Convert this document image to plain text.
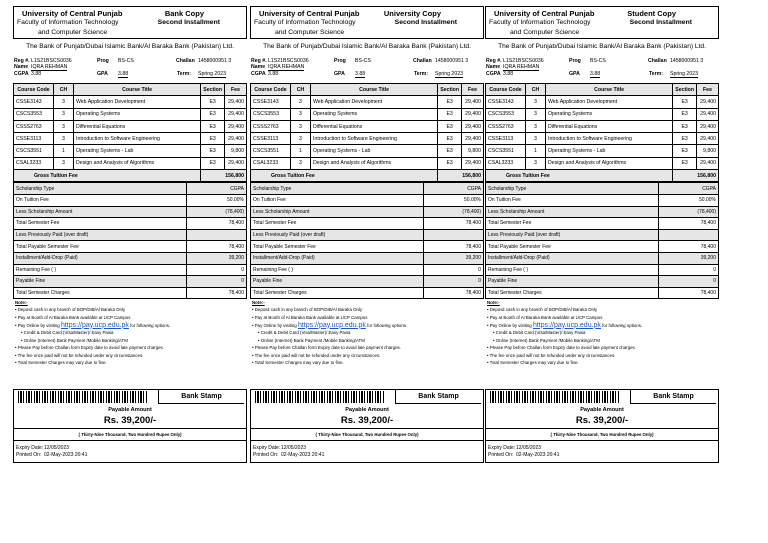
University of Central Punjab	Bank Copy
Faculty of Information Technology
and Computer Science
Second Installment
The Bank of Punjab/Dubai Islamic Bank/Al Baraka Bank (Pakistan) Ltd.
Reg #. L1S21BSCS0036
Name IQRA REHMAN
CGPA 3.88
Prog BS-CS	Challan 1458000951 3
GPA 3.88	Term: Spring 2023
Course Code	CH	Course Title	Section	Fee
CSSE3143	3	Web Application Development	E3	29,400
CSCS3553	3	Operating Systems	E3	29,400
CSSS2763	3	Differential Equations	E3	29,400
CSSE3113	3	Introduction to Software Engineering	E3	29,400
CSCS3551	1	Operating Systems - Lab	E3	9,800
CSAL3233	3	Design and Analysis of Algorithms	E3	29,400
Gross Tuition Fee			156,800	
Scholarship Type	CGPA
On Tuition Fee	50.00%
Less Scholarship Amount	(78,400)
Total Semester Fee	78,400
Less Previously Paid (over draft)	
Total Payable Semester Fee	78,400
Installment/Add-Drop (Paid)	39,200
Remaining Fee ( )	0
Payable Fine	0
Total Semester Charges	78,400
Note:-
• Deposit cash in any branch of BOP/DIB/Al Baraka Only
• Pay at Booth of Al Baraka Bank available at UCP Campus
• Pay Online by visiting https://pay.ucp.edu.pk for following options.
• Credit & Debit Card (Visa/Master)/ Easy Paisa
• Online (Internet) Bank Payment /Mobile Banking/ATM
• Please Pay before Challan form Expiry date to avoid late payment charges.
• The fee once paid will not be refunded under any circumstances.
• Total Semester Charges may vary due to fine.
Bank Stamp
Payable Amount
Rs. 39,200/-
( Thirty-Nine Thousand, Two Hundred Rupee Only)
Expiry Date: 12/05/2023
Printed On: 02-May-2023 20:41
University of Central Punjab	University Copy
Faculty of Information Technology
and Computer Science
Second Installment
The Bank of Punjab/Dubai Islamic Bank/Al Baraka Bank (Pakistan) Ltd.
Reg #. L1S21BSCS0036
Name IQRA REHMAN
CGPA 3.88
Prog BS-CS	Challan 1458000951 3
GPA 3.88	Term: Spring 2023
Course Code	CH	Course Title	Section	Fee
CSSE3143	3	Web Application Development	E3	29,400
CSCS3553	3	Operating Systems	E3	29,400
CSSS2763	3	Differential Equations	E3	29,400
CSSE3113	3	Introduction to Software Engineering	E3	29,400
CSCS3551	1	Operating Systems - Lab	E3	9,800
CSAL3233	3	Design and Analysis of Algorithms	E3	29,400
Gross Tuition Fee			156,800	
Scholarship Type	CGPA
On Tuition Fee	50.00%
Less Scholarship Amount	(78,400)
Total Semester Fee	78,400
Less Previously Paid (over draft)	
Total Payable Semester Fee	78,400
Installment/Add-Drop (Paid)	39,200
Remaining Fee ( )	0
Payable Fine	0
Total Semester Charges	78,400
Note:-
• Deposit cash in any branch of BOP/DIB/Al Baraka Only
• Pay at Booth of Al Baraka Bank available at UCP Campus
• Pay Online by visiting https://pay.ucp.edu.pk for following options.
• Credit & Debit Card (Visa/Master)/ Easy Paisa
• Online (Internet) Bank Payment /Mobile Banking/ATM
• Please Pay before Challan form Expiry date to avoid late payment charges.
• The fee once paid will not be refunded under any circumstances.
• Total Semester Charges may vary due to fine.
Bank Stamp
Payable Amount
Rs. 39,200/-
( Thirty-Nine Thousand, Two Hundred Rupee Only)
Expiry Date: 12/05/2023
Printed On: 02-May-2023 20:41
University of Central Punjab	Student Copy
Faculty of Information Technology
and Computer Science
Second Installment
The Bank of Punjab/Dubai Islamic Bank/Al Baraka Bank (Pakistan) Ltd.
Reg #. L1S21BSCS0036
Name IQRA REHMAN
CGPA 3.88
Prog BS-CS	Challan 1458000951 3
GPA 3.88	Term: Spring 2023
Course Code	CH	Course Title	Section	Fee
CSSE3143	3	Web Application Development	E3	29,400
CSCS3553	3	Operating Systems	E3	29,400
CSSS2763	3	Differential Equations	E3	29,400
CSSE3113	3	Introduction to Software Engineering	E3	29,400
CSCS3551	1	Operating Systems - Lab	E3	9,800
CSAL3233	3	Design and Analysis of Algorithms	E3	29,400
Gross Tuition Fee			156,800	
Scholarship Type	CGPA
On Tuition Fee	50.00%
Less Scholarship Amount	(78,400)
Total Semester Fee	78,400
Less Previously Paid (over draft)	
Total Payable Semester Fee	78,400
Installment/Add-Drop (Paid)	39,200
Remaining Fee ( )	0
Payable Fine	0
Total Semester Charges	78,400
Note:-
• Deposit cash in any branch of BOP/DIB/Al Baraka Only
• Pay at Booth of Al Baraka Bank available at UCP Campus
• Pay Online by visiting https://pay.ucp.edu.pk for following options.
• Credit & Debit Card (Visa/Master)/ Easy Paisa
• Online (Internet) Bank Payment /Mobile Banking/ATM
• Please Pay before Challan form Expiry date to avoid late payment charges.
• The fee once paid will not be refunded under any circumstances.
• Total Semester Charges may vary due to fine.
Bank Stamp
Payable Amount
Rs. 39,200/-
( Thirty-Nine Thousand, Two Hundred Rupee Only)
Expiry Date: 12/05/2023
Printed On: 02-May-2023 20:41
